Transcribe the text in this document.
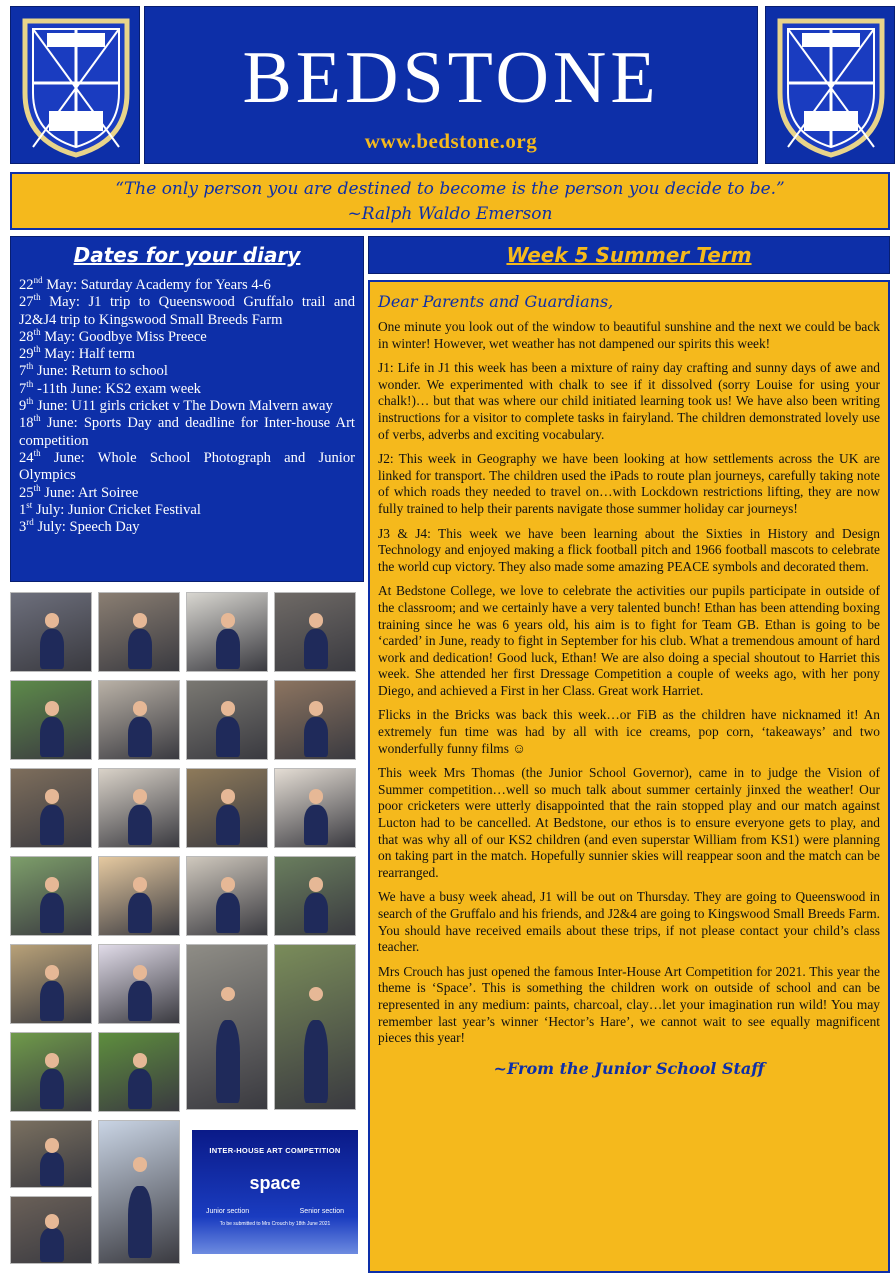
BEDSTONE
www.bedstone.org
“The only person you are destined to become is the person you decide to be.”
~Ralph Waldo Emerson
Dates for your diary
22nd May: Saturday Academy for Years 4-6
27th May: J1 trip to Queenswood Gruffalo trail and J2&J4 trip to Kingswood Small Breeds Farm
28th May: Goodbye Miss Preece
29th May: Half term
7th June: Return to school
7th -11th June: KS2 exam week
9th June: U11 girls cricket v The Down Malvern away
18th June: Sports Day and deadline for Inter-house Art competition
24th June: Whole School Photograph and Junior Olympics
25th June: Art Soiree
1st July: Junior Cricket Festival
3rd July: Speech Day
Week 5 Summer Term
Dear Parents and Guardians,

One minute you look out of the window to beautiful sunshine and the next we could be back in winter! However, wet weather has not dampened our spirits this week!

J1: Life in J1 this week has been a mixture of rainy day crafting and sunny days of awe and wonder. We experimented with chalk to see if it dissolved (sorry Louise for using your chalk!)… but that was where our child initiated learning took us! We have also been writing instructions for a visitor to complete tasks in fairyland. The children demonstrated lovely use of verbs, adverbs and exciting vocabulary.

J2: This week in Geography we have been looking at how settlements across the UK are linked for transport. The children used the iPads to route plan journeys, carefully taking note of which roads they needed to travel on…with Lockdown restrictions lifting, they are now fully trained to help their parents navigate those summer holiday car journeys!

J3 & J4: This week we have been learning about the Sixties in History and Design Technology and enjoyed making a flick football pitch and 1966 football mascots to celebrate the world cup victory. They also made some amazing PEACE symbols and decorated them.

At Bedstone College, we love to celebrate the activities our pupils participate in outside of the classroom; and we certainly have a very talented bunch! Ethan has been attending boxing training since he was 6 years old, his aim is to fight for Team GB. Ethan is going to be ‘carded’ in June, ready to fight in September for his club. What a tremendous amount of hard work and dedication! Good luck, Ethan! We are also doing a special shoutout to Harriet this week. She attended her first Dressage Competition a couple of weeks ago, with her pony Diego, and achieved a First in her Class. Great work Harriet.

Flicks in the Bricks was back this week…or FiB as the children have nicknamed it! An extremely fun time was had by all with ice creams, pop corn, ‘takeaways’ and two wonderfully funny films ☺

This week Mrs Thomas (the Junior School Governor), came in to judge the Vision of Summer competition…well so much talk about summer certainly jinxed the weather! Our poor cricketers were utterly disappointed that the rain stopped play and our match against Lucton had to be cancelled. At Bedstone, our ethos is to ensure everyone gets to play, and that was why all of our KS2 children (and even superstar William from KS1) were planning on taking part in the match. Hopefully sunnier skies will reappear soon and the match can be rearranged.

We have a busy week ahead, J1 will be out on Thursday. They are going to Queenswood in search of the Gruffalo and his friends, and J2&4 are going to Kingswood Small Breeds Farm. You should have received emails about these trips, if not please contact your child’s class teacher.

Mrs Crouch has just opened the famous Inter-House Art Competition for 2021. This year the theme is ‘Space’. This is something the children work on outside of school and can be represented in any medium: paints, charcoal, clay…let your imagination run wild! You may remember last year’s winner ‘Hector’s Hare’, we cannot wait to see equally magnificent pieces this year!

~From the Junior School Staff
INTER-HOUSE ART COMPETITION
space
Junior section	Senior section
To be submitted to Mrs Crouch by 18th June 2021
